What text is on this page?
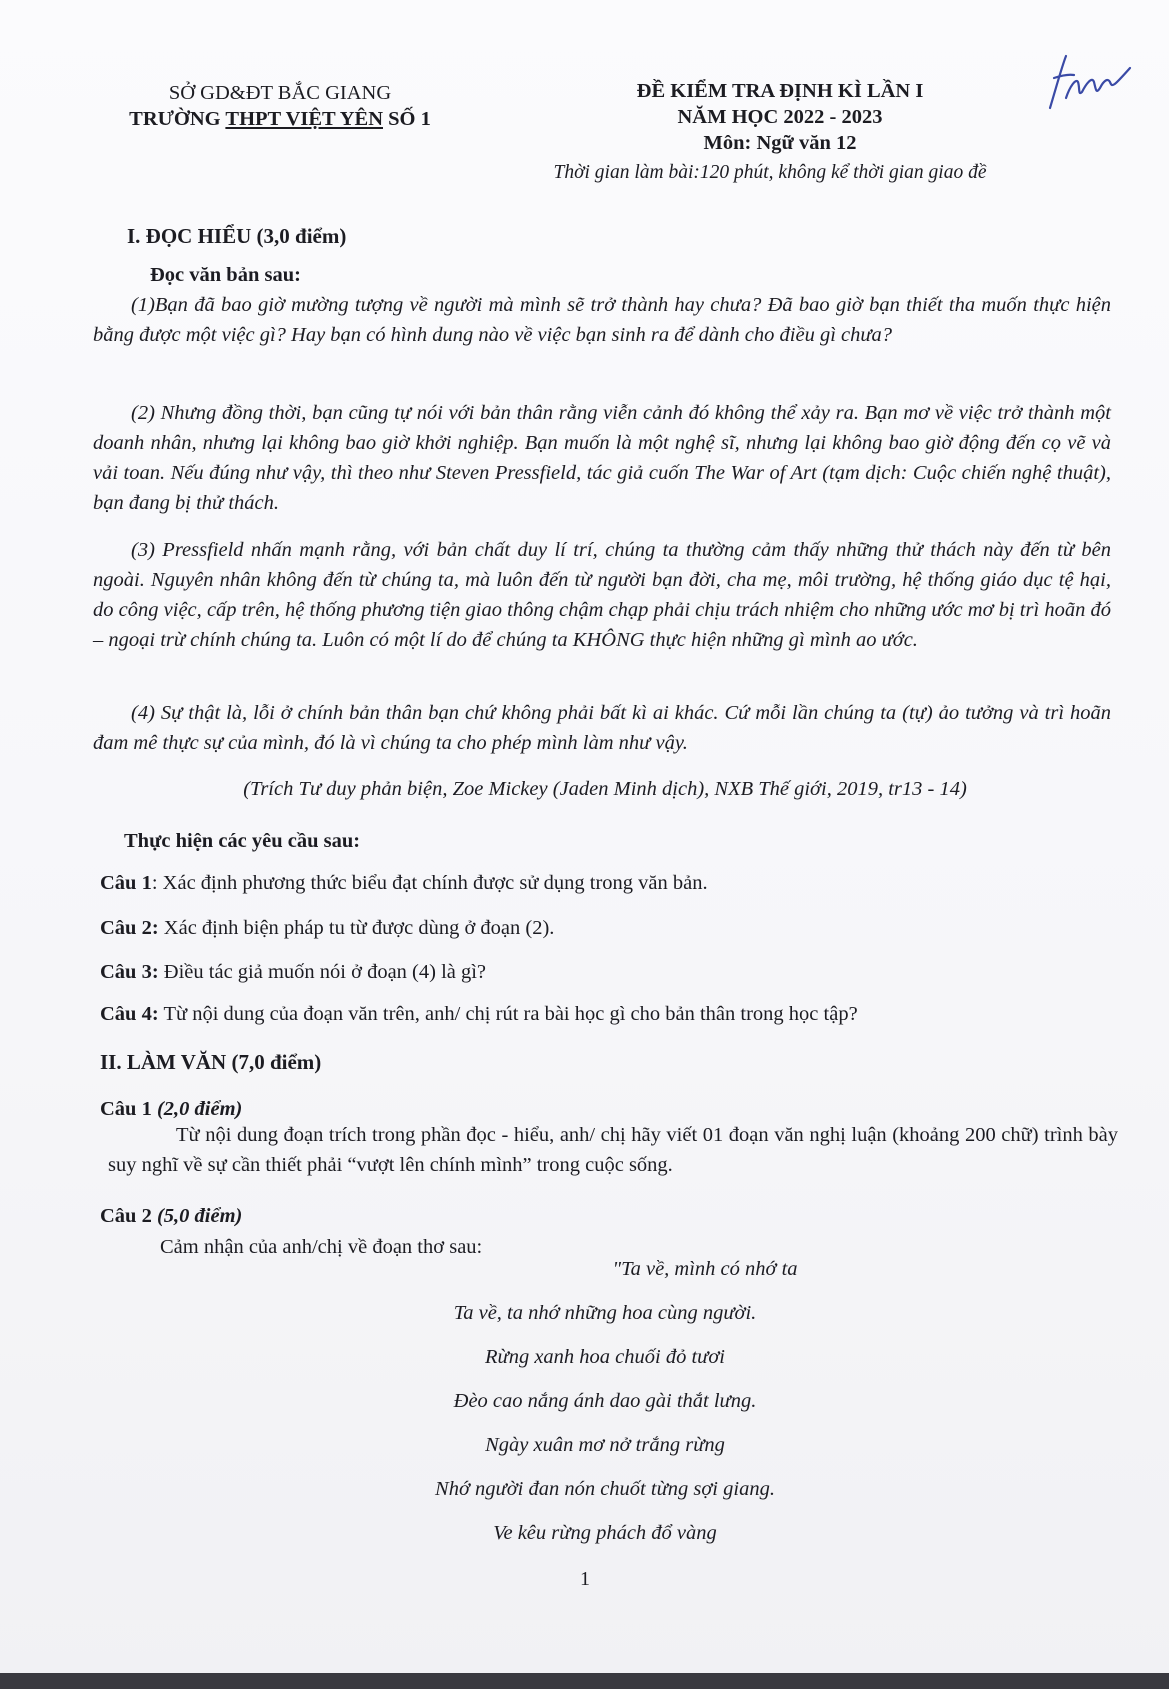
SỞ GD&ĐT BẮC GIANG
TRƯỜNG THPT VIỆT YÊN SỐ 1
ĐỀ KIỂM TRA ĐỊNH KÌ LẦN I
NĂM HỌC 2022 - 2023
Môn: Ngữ văn 12
Thời gian làm bài:120 phút, không kể thời gian giao đề
I. ĐỌC HIỂU (3,0 điểm)
Đọc văn bản sau:
(1)Bạn đã bao giờ mường tượng về người mà mình sẽ trở thành hay chưa? Đã bao giờ bạn thiết tha muốn thực hiện bằng được một việc gì? Hay bạn có hình dung nào về việc bạn sinh ra để dành cho điều gì chưa?
(2) Nhưng đồng thời, bạn cũng tự nói với bản thân rằng viễn cảnh đó không thể xảy ra. Bạn mơ về việc trở thành một doanh nhân, nhưng lại không bao giờ khởi nghiệp. Bạn muốn là một nghệ sĩ, nhưng lại không bao giờ động đến cọ vẽ và vải toan. Nếu đúng như vậy, thì theo như Steven Pressfield, tác giả cuốn The War of Art (tạm dịch: Cuộc chiến nghệ thuật), bạn đang bị thử thách.
(3) Pressfield nhấn mạnh rằng, với bản chất duy lí trí, chúng ta thường cảm thấy những thử thách này đến từ bên ngoài. Nguyên nhân không đến từ chúng ta, mà luôn đến từ người bạn đời, cha mẹ, môi trường, hệ thống giáo dục tệ hại, do công việc, cấp trên, hệ thống phương tiện giao thông chậm chạp phải chịu trách nhiệm cho những ước mơ bị trì hoãn đó – ngoại trừ chính chúng ta. Luôn có một lí do để chúng ta KHÔNG thực hiện những gì mình ao ước.
(4) Sự thật là, lỗi ở chính bản thân bạn chứ không phải bất kì ai khác. Cứ mỗi lần chúng ta (tự) ảo tưởng và trì hoãn đam mê thực sự của mình, đó là vì chúng ta cho phép mình làm như vậy.
(Trích Tư duy phản biện, Zoe Mickey (Jaden Minh dịch), NXB Thế giới, 2019, tr13 - 14)
Thực hiện các yêu cầu sau:
Câu 1: Xác định phương thức biểu đạt chính được sử dụng trong văn bản.
Câu 2: Xác định biện pháp tu từ được dùng ở đoạn (2).
Câu 3: Điều tác giả muốn nói ở đoạn (4) là gì?
Câu 4: Từ nội dung của đoạn văn trên, anh/ chị rút ra bài học gì cho bản thân trong học tập?
II. LÀM VĂN (7,0 điểm)
Câu 1 (2,0 điểm)
Từ nội dung đoạn trích trong phần đọc - hiểu, anh/ chị hãy viết 01 đoạn văn nghị luận (khoảng 200 chữ) trình bày suy nghĩ về sự cần thiết phải “vượt lên chính mình” trong cuộc sống.
Câu 2 (5,0 điểm)
Cảm nhận của anh/chị về đoạn thơ sau:
"Ta về, mình có nhớ ta
Ta về, ta nhớ những hoa cùng người.
Rừng xanh hoa chuối đỏ tươi
Đèo cao nắng ánh dao gài thắt lưng.
Ngày xuân mơ nở trắng rừng
Nhớ người đan nón chuốt từng sợi giang.
Ve kêu rừng phách đổ vàng
1
